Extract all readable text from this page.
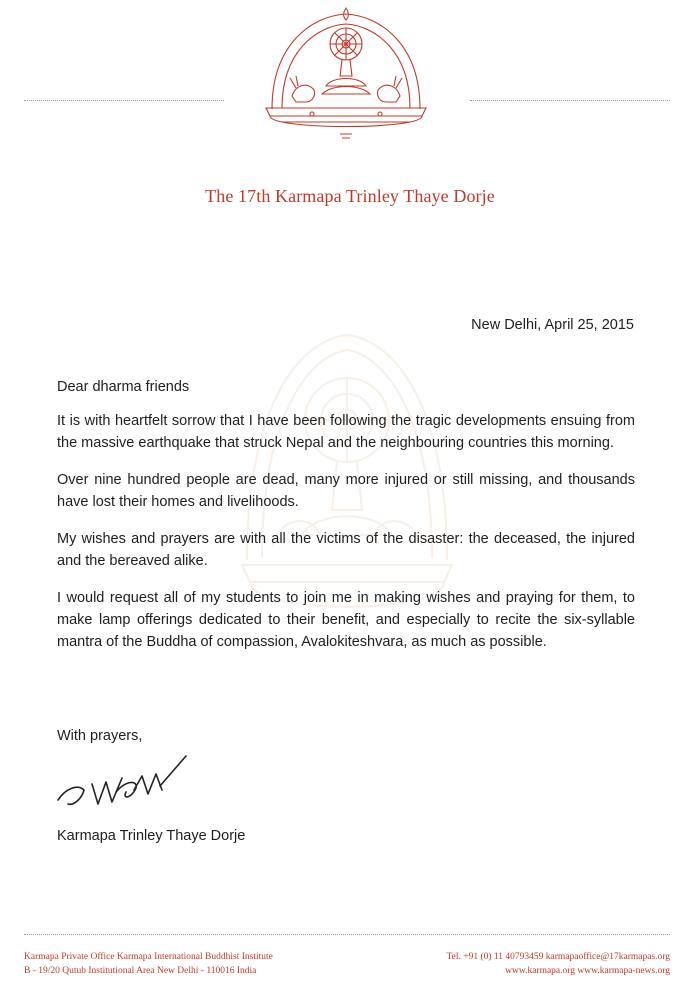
The 17th Karmapa Trinley Thaye Dorje
New Delhi, April 25, 2015

Dear dharma friends

It is with heartfelt sorrow that I have been following the tragic developments ensuing from the massive earthquake that struck Nepal and the neighbouring countries this morning.

Over nine hundred people are dead, many more injured or still missing, and thousands have lost their homes and livelihoods.

My wishes and prayers are with all the victims of the disaster: the deceased, the injured and the bereaved alike.

I would request all of my students to join me in making wishes and praying for them, to make lamp offerings dedicated to their benefit, and especially to recite the six-syllable mantra of the Buddha of compassion, Avalokiteshvara, as much as possible.

With prayers,
Karmapa Trinley Thaye Dorje
Karmapa Private Office Karmapa International Buddhist Institute
B - 19/20 Qutub Institutional Area New Delhi - 110016 India
Tel. +91 (0) 11 40793459 karmapaoffice@17karmapas.org
www.karmapa.org www.karmapa-news.org
